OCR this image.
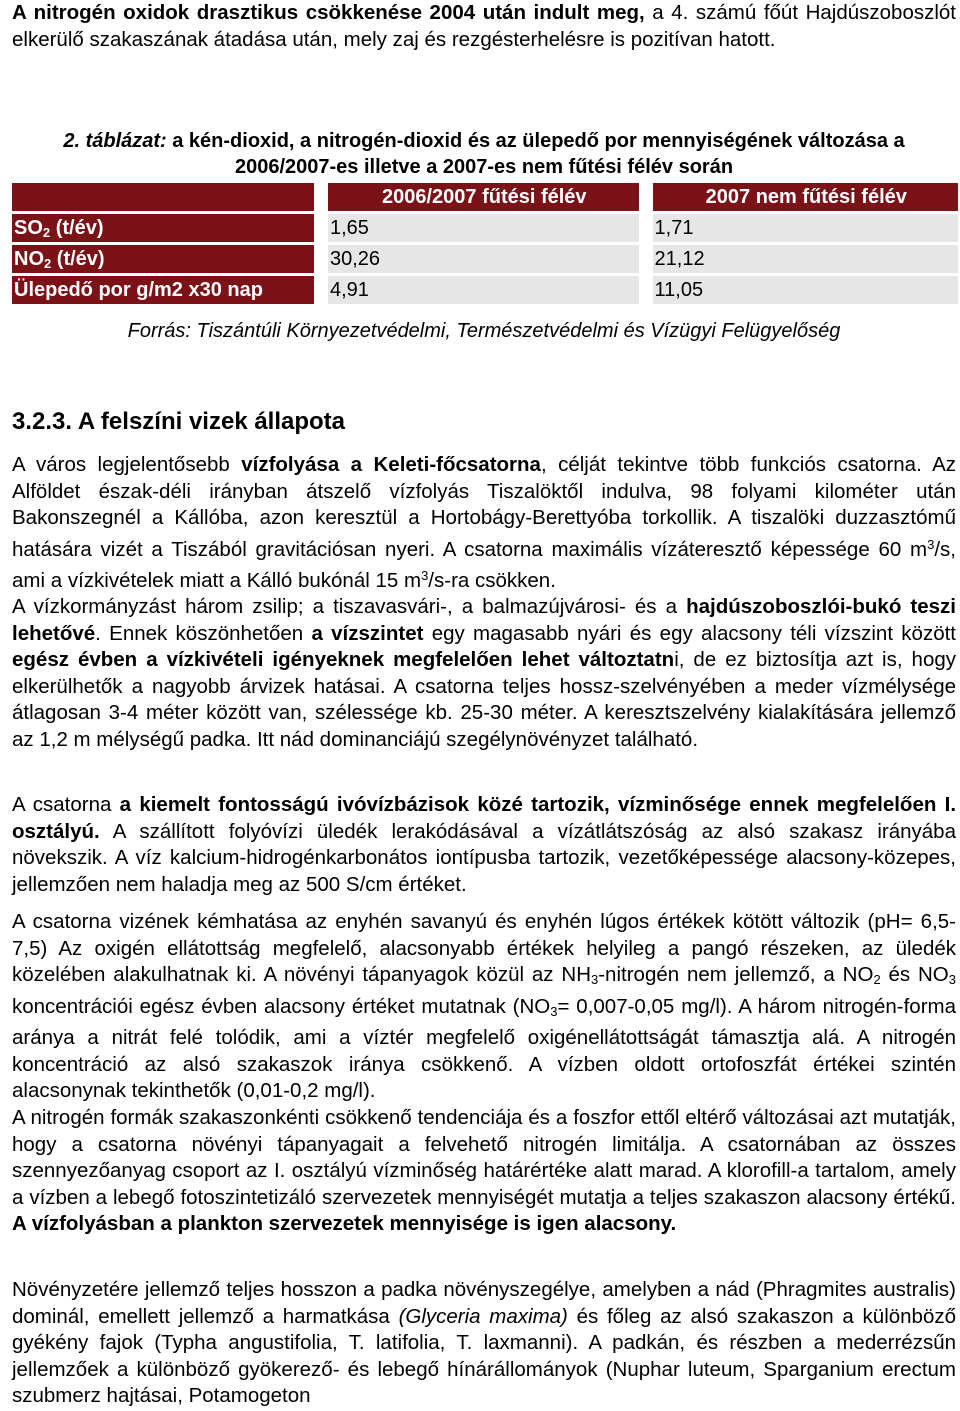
A nitrogén oxidok drasztikus csökkenése 2004 után indult meg, a 4. számú főút Hajdúszoboszlót elkerülő szakaszának átadása után, mely zaj és rezgésterhelésre is pozitívan hatott.

2. táblázat: a kén-dioxid, a nitrogén-dioxid és az ülepedő por mennyiségének változása a 2006/2007-es illetve a 2007-es nem fűtési félév során
		2006/2007 fűtési félév		2007 nem fűtési félév
$SO_2$ (t/év)		1,65		1,71
$NO_2$ (t/év)		30,26		21,12
Ülepedő por g/m2 x30 nap		4,91		11,05
Forrás: Tiszántúli Környezetvédelmi, Természetvédelmi és Vízügyi Felügyelőség
3.2.3. A felszíni vizek állapota

A város legjelentősebb vízfolyása a Keleti-főcsatorna, célját tekintve több funkciós csatorna. Az Alföldet észak-déli irányban átszelő vízfolyás Tiszalöktől indulva, 98 folyami kilométer után Bakonszegnél a Kállóba, azon keresztül a Hortobágy-Berettyóba torkollik. A tiszalöki duzzasztómű hatására vizét a Tiszából gravitációsan nyeri. A csatorna maximális vízáteresztő képessége 60 $m^3/s$, ami a vízkivételek miatt a Kálló bukónál 15 $m^3/s-ra$ csökken.

A vízkormányzást három zsilip; a tiszavasvári-, a balmazújvárosi- és a hajdúszoboszlói-bukó teszi lehetővé. Ennek köszönhetően a vízszintet egy magasabb nyári és egy alacsony téli vízszint között egész évben a vízkivételi igényeknek megfelelően lehet változtatni, de ez biztosítja azt is, hogy elkerülhetők a nagyobb árvizek hatásai. A csatorna teljes hossz-szelvényében a meder vízmélysége átlagosan 3-4 méter között van, szélessége kb. 25-30 méter. A keresztszelvény kialakítására jellemző az 1,2 m mélységű padka. Itt nád dominanciájú szegélynövényzet található.

A csatorna a kiemelt fontosságú ivóvízbázisok közé tartozik, vízminősége ennek megfelelően I. osztályú. A szállított folyóvízi üledék lerakódásával a vízátlátszóság az alsó szakasz irányába növekszik. A víz kalcium-hidrogénkarbonátos iontípusba tartozik, vezetőképessége alacsony-közepes, jellemzően nem haladja meg az 500 S/cm értéket.

A csatorna vizének kémhatása az enyhén savanyú és enyhén lúgos értékek kötött változik (pH= 6,5-7,5) Az oxigén ellátottság megfelelő, alacsonyabb értékek helyileg a pangó részeken, az üledék közelében alakulhatnak ki. A növényi tápanyagok közül az $NH_3$-nitrogén nem jellemző, a $NO_2$ és $NO_3$ koncentrációi egész évben alacsony értéket mutatnak ($NO_3= 0,007-0,05$ mg/l). A három nitrogén-forma aránya a nitrát felé tolódik, ami a víztér megfelelő oxigénellátottságát támasztja alá. A nitrogén koncentráció az alsó szakaszok iránya csökkenő. A vízben oldott ortofoszfát értékei szintén alacsonynak tekinthetők (0,01-0,2 mg/l).

A nitrogén formák szakaszonkénti csökkenő tendenciája és a foszfor ettől eltérő változásai azt mutatják, hogy a csatorna növényi tápanyagait a felvehető nitrogén limitálja. A csatornában az összes szennyezőanyag csoport az I. osztályú vízminőség határértéke alatt marad. A klorofill-a tartalom, amely a vízben a lebegő fotoszintetizáló szervezetek mennyiségét mutatja a teljes szakaszon alacsony értékű. A vízfolyásban a plankton szervezetek mennyisége is igen alacsony.

Növényzetére jellemző teljes hosszon a padka növényszegélye, amelyben a nád (Phragmites australis) dominál, emellett jellemző a harmatkása (Glyceria maxima) és főleg az alsó szakaszon a különböző gyékény fajok (Typha angustifolia, T. latifolia, T. laxmanni). A padkán, és részben a mederrézsűn jellemzőek a különböző gyökerező- és lebegő hínárállományok (Nuphar luteum, Sparganium erectum szubmerz hajtásai, Potamogeton
